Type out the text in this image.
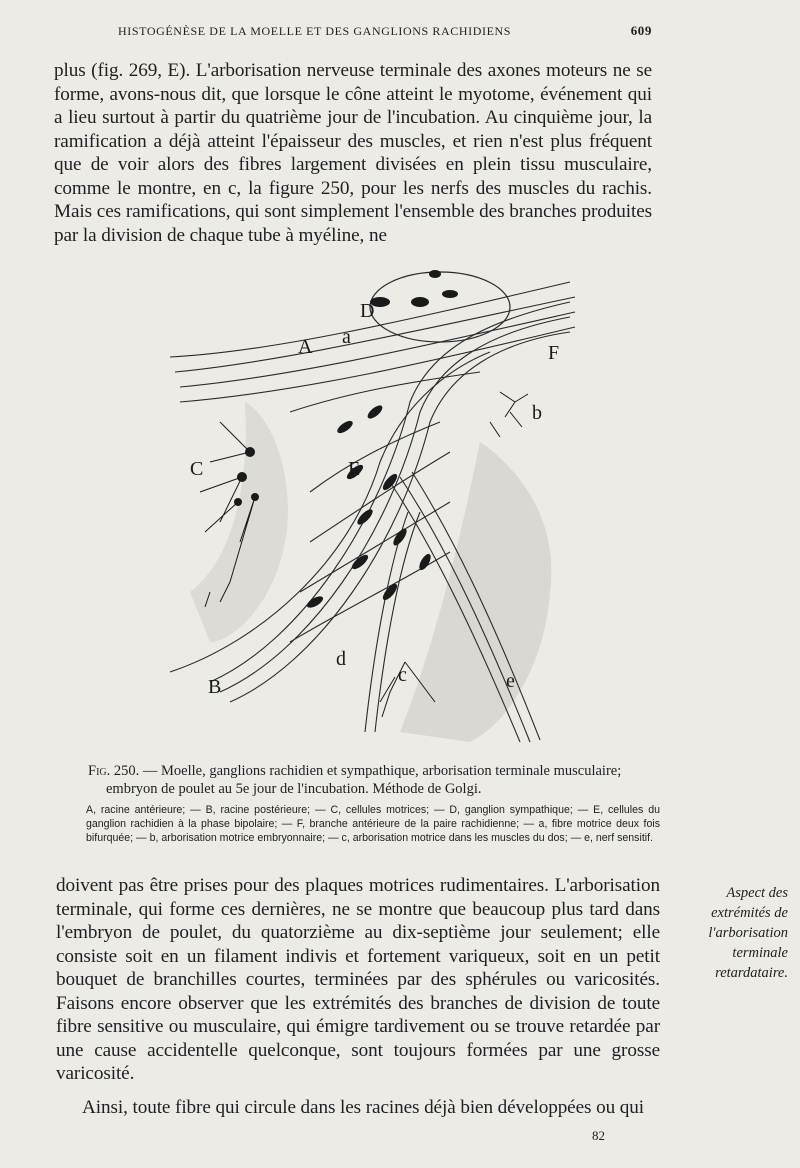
HISTOGÉNÈSE DE LA MOELLE ET DES GANGLIONS RACHIDIENS	609
plus (fig. 269, E). L'arborisation nerveuse terminale des axones moteurs ne se forme, avons-nous dit, que lorsque le cône atteint le myotome, événement qui a lieu surtout à partir du quatrième jour de l'incubation. Au cinquième jour, la ramification a déjà atteint l'épaisseur des muscles, et rien n'est plus fréquent que de voir alors des fibres largement divisées en plein tissu musculaire, comme le montre, en c, la figure 250, pour les nerfs des muscles du rachis. Mais ces ramifications, qui sont simplement l'ensemble des branches produites par la division de chaque tube à myéline, ne
A a
D
F
b
C	E
d
c	e
B
Fig. 250. — Moelle, ganglions rachidien et sympathique, arborisation terminale musculaire; embryon de poulet au 5e jour de l'incubation. Méthode de Golgi.
A, racine antérieure; — B, racine postérieure; — C, cellules motrices; — D, ganglion sympathique; — E, cellules du ganglion rachidien à la phase bipolaire; — F, branche antérieure de la paire rachidienne; — a, fibre motrice deux fois bifurquée; — b, arborisation motrice embryonnaire; — c, arborisation motrice dans les muscles du dos; — e, nerf sensitif.
doivent pas être prises pour des plaques motrices rudimentaires. L'arborisation terminale, qui forme ces dernières, ne se montre que beaucoup plus tard dans l'embryon de poulet, du quatorzième au dix-septième jour seulement; elle consiste soit en un filament indivis et fortement variqueux, soit en un petit bouquet de branchilles courtes, terminées par des sphérules ou varicosités. Faisons encore observer que les extrémités des branches de division de toute fibre sensitive ou musculaire, qui émigre tardivement ou se trouve retardée par une cause accidentelle quelconque, sont toujours formées par une grosse varicosité.
Aspect des extrémités de l'arborisation terminale retardataire.
Ainsi, toute fibre qui circule dans les racines déjà bien développées ou qui
82
